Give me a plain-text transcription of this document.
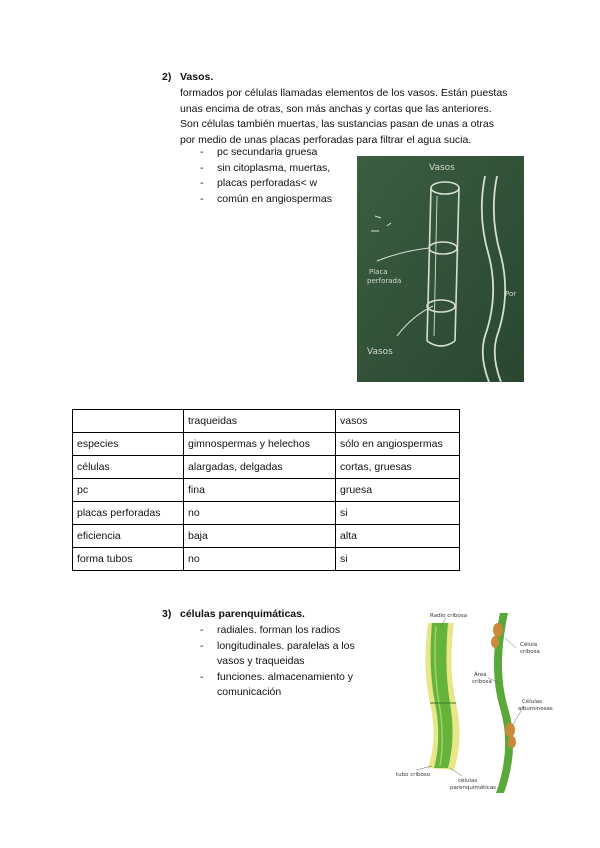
2) Vasos.
formados por células llamadas elementos de los vasos. Están puestas
unas encima de otras, son más anchas y cortas que las anteriores.
Son células también muertas, las sustancias pasan de unas a otras
por medio de unas placas perforadas para filtrar el agua sucia.
- pc secundaria gruesa
- sin citoplasma, muertas,
- placas perforadas< w
- común en angiospermas
Vasos
Placa
perforada
Vasos
Por
	traqueidas	vasos
especies	gimnospermas y helechos	sólo en angiospermas
células	alargadas, delgadas	cortas, gruesas
pc	fina	gruesa
placas perforadas	no	si
eficiencia	baja	alta
forma tubos	no	si
3) células parenquimáticas.
- radiales. forman los radios
- longitudinales. paralelas a los
vasos y traqueidas
- funciones. almacenamiento y
comunicación
Radio cribosa
Célula
cribosa
Área
cribosa
Células
albuminosas
tubo criboso
células
parenquimáticas
